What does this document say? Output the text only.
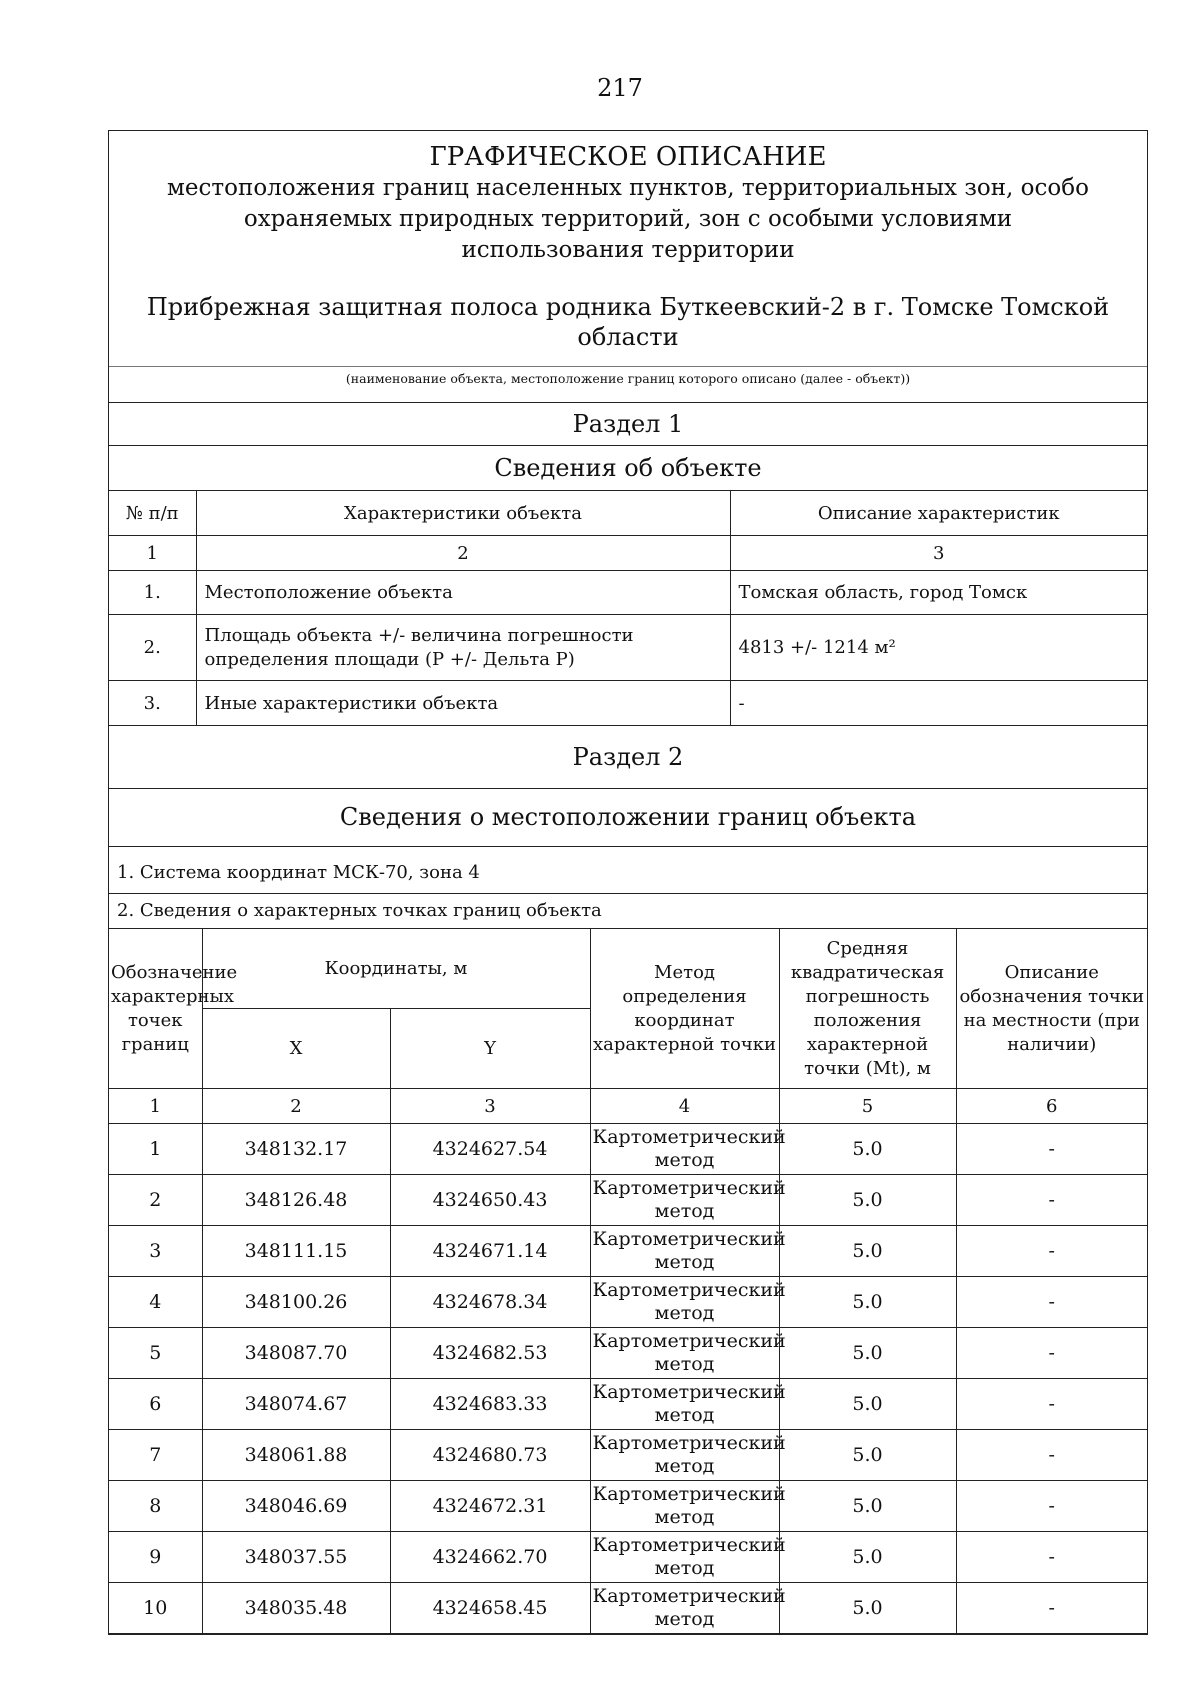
217
ГРАФИЧЕСКОЕ ОПИСАНИЕ
местоположения границ населенных пунктов, территориальных зон, особо охраняемых природных территорий, зон с особыми условиями использования территории
Прибрежная защитная полоса родника Буткеевский-2 в г. Томске Томской области
(наименование объекта, местоположение границ которого описано (далее - объект))
Раздел 1
Сведения об объекте
№ п/п	Характеристики объекта	Описание характеристик
1	2	3
1.	Местоположение объекта	Томская область, город Томск
2.	Площадь объекта +/- величина погрешности определения площади (Р +/- Дельта Р)	4813 +/- 1214 м²
3.	Иные характеристики объекта	-
Раздел 2
Сведения о местоположении границ объекта
1. Система координат МСК-70, зона 4
2. Сведения о характерных точках границ объекта
Обозначение характерных точек границ	Координаты, м		Метод определения координат характерной точки	Средняя квадратическая погрешность положения характерной точки (Mt), м	Описание обозначения точки на местности (при наличии)
	X	Y			
1	2	3	4	5	6
1	348132.17	4324627.54	Картометрический метод	5.0	-
2	348126.48	4324650.43	Картометрический метод	5.0	-
3	348111.15	4324671.14	Картометрический метод	5.0	-
4	348100.26	4324678.34	Картометрический метод	5.0	-
5	348087.70	4324682.53	Картометрический метод	5.0	-
6	348074.67	4324683.33	Картометрический метод	5.0	-
7	348061.88	4324680.73	Картометрический метод	5.0	-
8	348046.69	4324672.31	Картометрический метод	5.0	-
9	348037.55	4324662.70	Картометрический метод	5.0	-
10	348035.48	4324658.45	Картометрический метод	5.0	-
